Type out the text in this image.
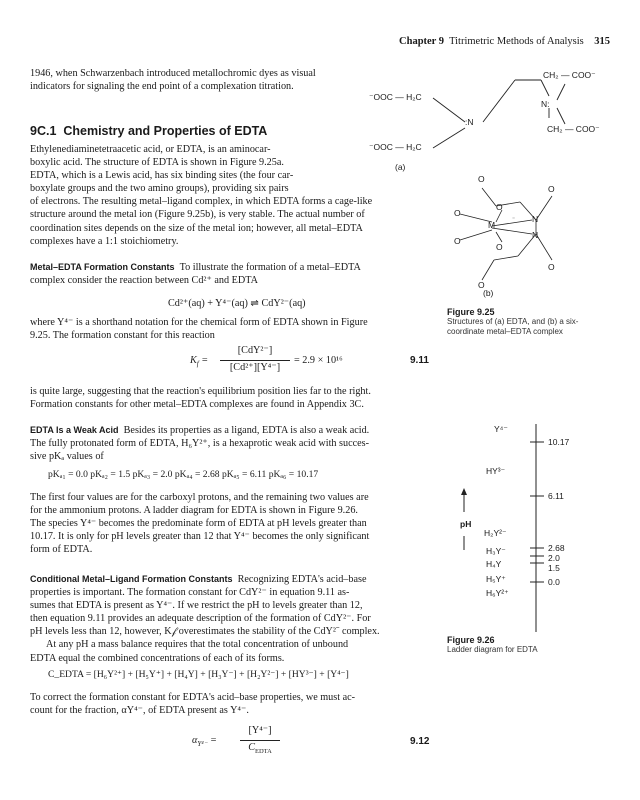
Chapter 9 Titrimetric Methods of Analysis 315
1946, when Schwarzenbach introduced metallochromic dyes as visual indicators for signaling the end point of a complexation titration.
9C.1 Chemistry and Properties of EDTA
Ethylenediaminetetraacetic acid, or EDTA, is an aminocar-
boxylic acid. The structure of EDTA is shown in Figure 9.25a.
EDTA, which is a Lewis acid, has six binding sites (the four car-
boxylate groups and the two amino groups), providing six pairs
of electrons. The resulting metal–ligand complex, in which EDTA forms a cage-like
structure around the metal ion (Figure 9.25b), is very stable. The actual number of
coordination sites depends on the size of the metal ion; however, all metal–EDTA
complexes have a 1:1 stoichiometry.
Metal–EDTA Formation Constants To illustrate the formation of a metal–EDTA
complex consider the reaction between Cd²⁺ and EDTA
Cd²⁺(aq) + Y⁴⁻(aq) ⇌ CdY²⁻(aq)
where Y⁴⁻ is a shorthand notation for the chemical form of EDTA shown in Figure
9.25. The formation constant for this reaction
$K_f$ =
[CdY²⁻]
[Cd²⁺][Y⁴⁻]
= 2.9 × 10¹⁶	9.11
is quite large, suggesting that the reaction's equilibrium position lies far to the right.
Formation constants for other metal–EDTA complexes are found in Appendix 3C.
EDTA Is a Weak Acid Besides its properties as a ligand, EDTA is also a weak acid.
The fully protonated form of EDTA, H₆Y²⁺, is a hexaprotic weak acid with succes-
sive pKₐ values of
pKₐ₁ = 0.0 pKₐ₂ = 1.5 pKₐ₃ = 2.0 pKₐ₄ = 2.68 pKₐ₅ = 6.11 pKₐ₆ = 10.17
The first four values are for the carboxyl protons, and the remaining two values are
for the ammonium protons. A ladder diagram for EDTA is shown in Figure 9.26.
The species Y⁴⁻ becomes the predominate form of EDTA at pH levels greater than
10.17. It is only for pH levels greater than 12 that Y⁴⁻ becomes the only significant
form of EDTA.
Conditional Metal–Ligand Formation Constants Recognizing EDTA's acid–base
properties is important. The formation constant for CdY²⁻ in equation 9.11 as-
sumes that EDTA is present as Y⁴⁻. If we restrict the pH to levels greater than 12,
then equation 9.11 provides an adequate description of the formation of CdY²⁻. For
pH levels less than 12, however, K𝒻 overestimates the stability of the CdY²⁻ complex.
At any pH a mass balance requires that the total concentration of unbound
EDTA equal the combined concentrations of each of its forms.
C_EDTA = [H₆Y²⁺] + [H₅Y⁺] + [H₄Y] + [H₃Y⁻] + [H₂Y²⁻] + [HY³⁻] + [Y⁴⁻]
To correct the formation constant for EDTA's acid–base properties, we must ac-
count for the fraction, αY⁴⁻, of EDTA present as Y⁴⁻.
$\alpha_{Y^{4-}}$ =
[Y⁴⁻]
$C_{EDTA}$
9.12
CH₂ — COO⁻
⁻OOC — H₂C
N:
:N
CH₂ — COO⁻
⁻OOC — H₂C
(a)
O
O
O
M
N
N
O
O
O
O
O
⁻
(b)
Figure 9.25
Structures of (a) EDTA, and (b) a six-
coordinate metal–EDTA complex
pH
Y⁴⁻
HY³⁻
H₂Y²⁻
H₃Y⁻
H₄Y
H₅Y⁺
H₆Y²⁺
10.17
6.11
2.68
2.0
1.5
0.0
Figure 9.26
Ladder diagram for EDTA
